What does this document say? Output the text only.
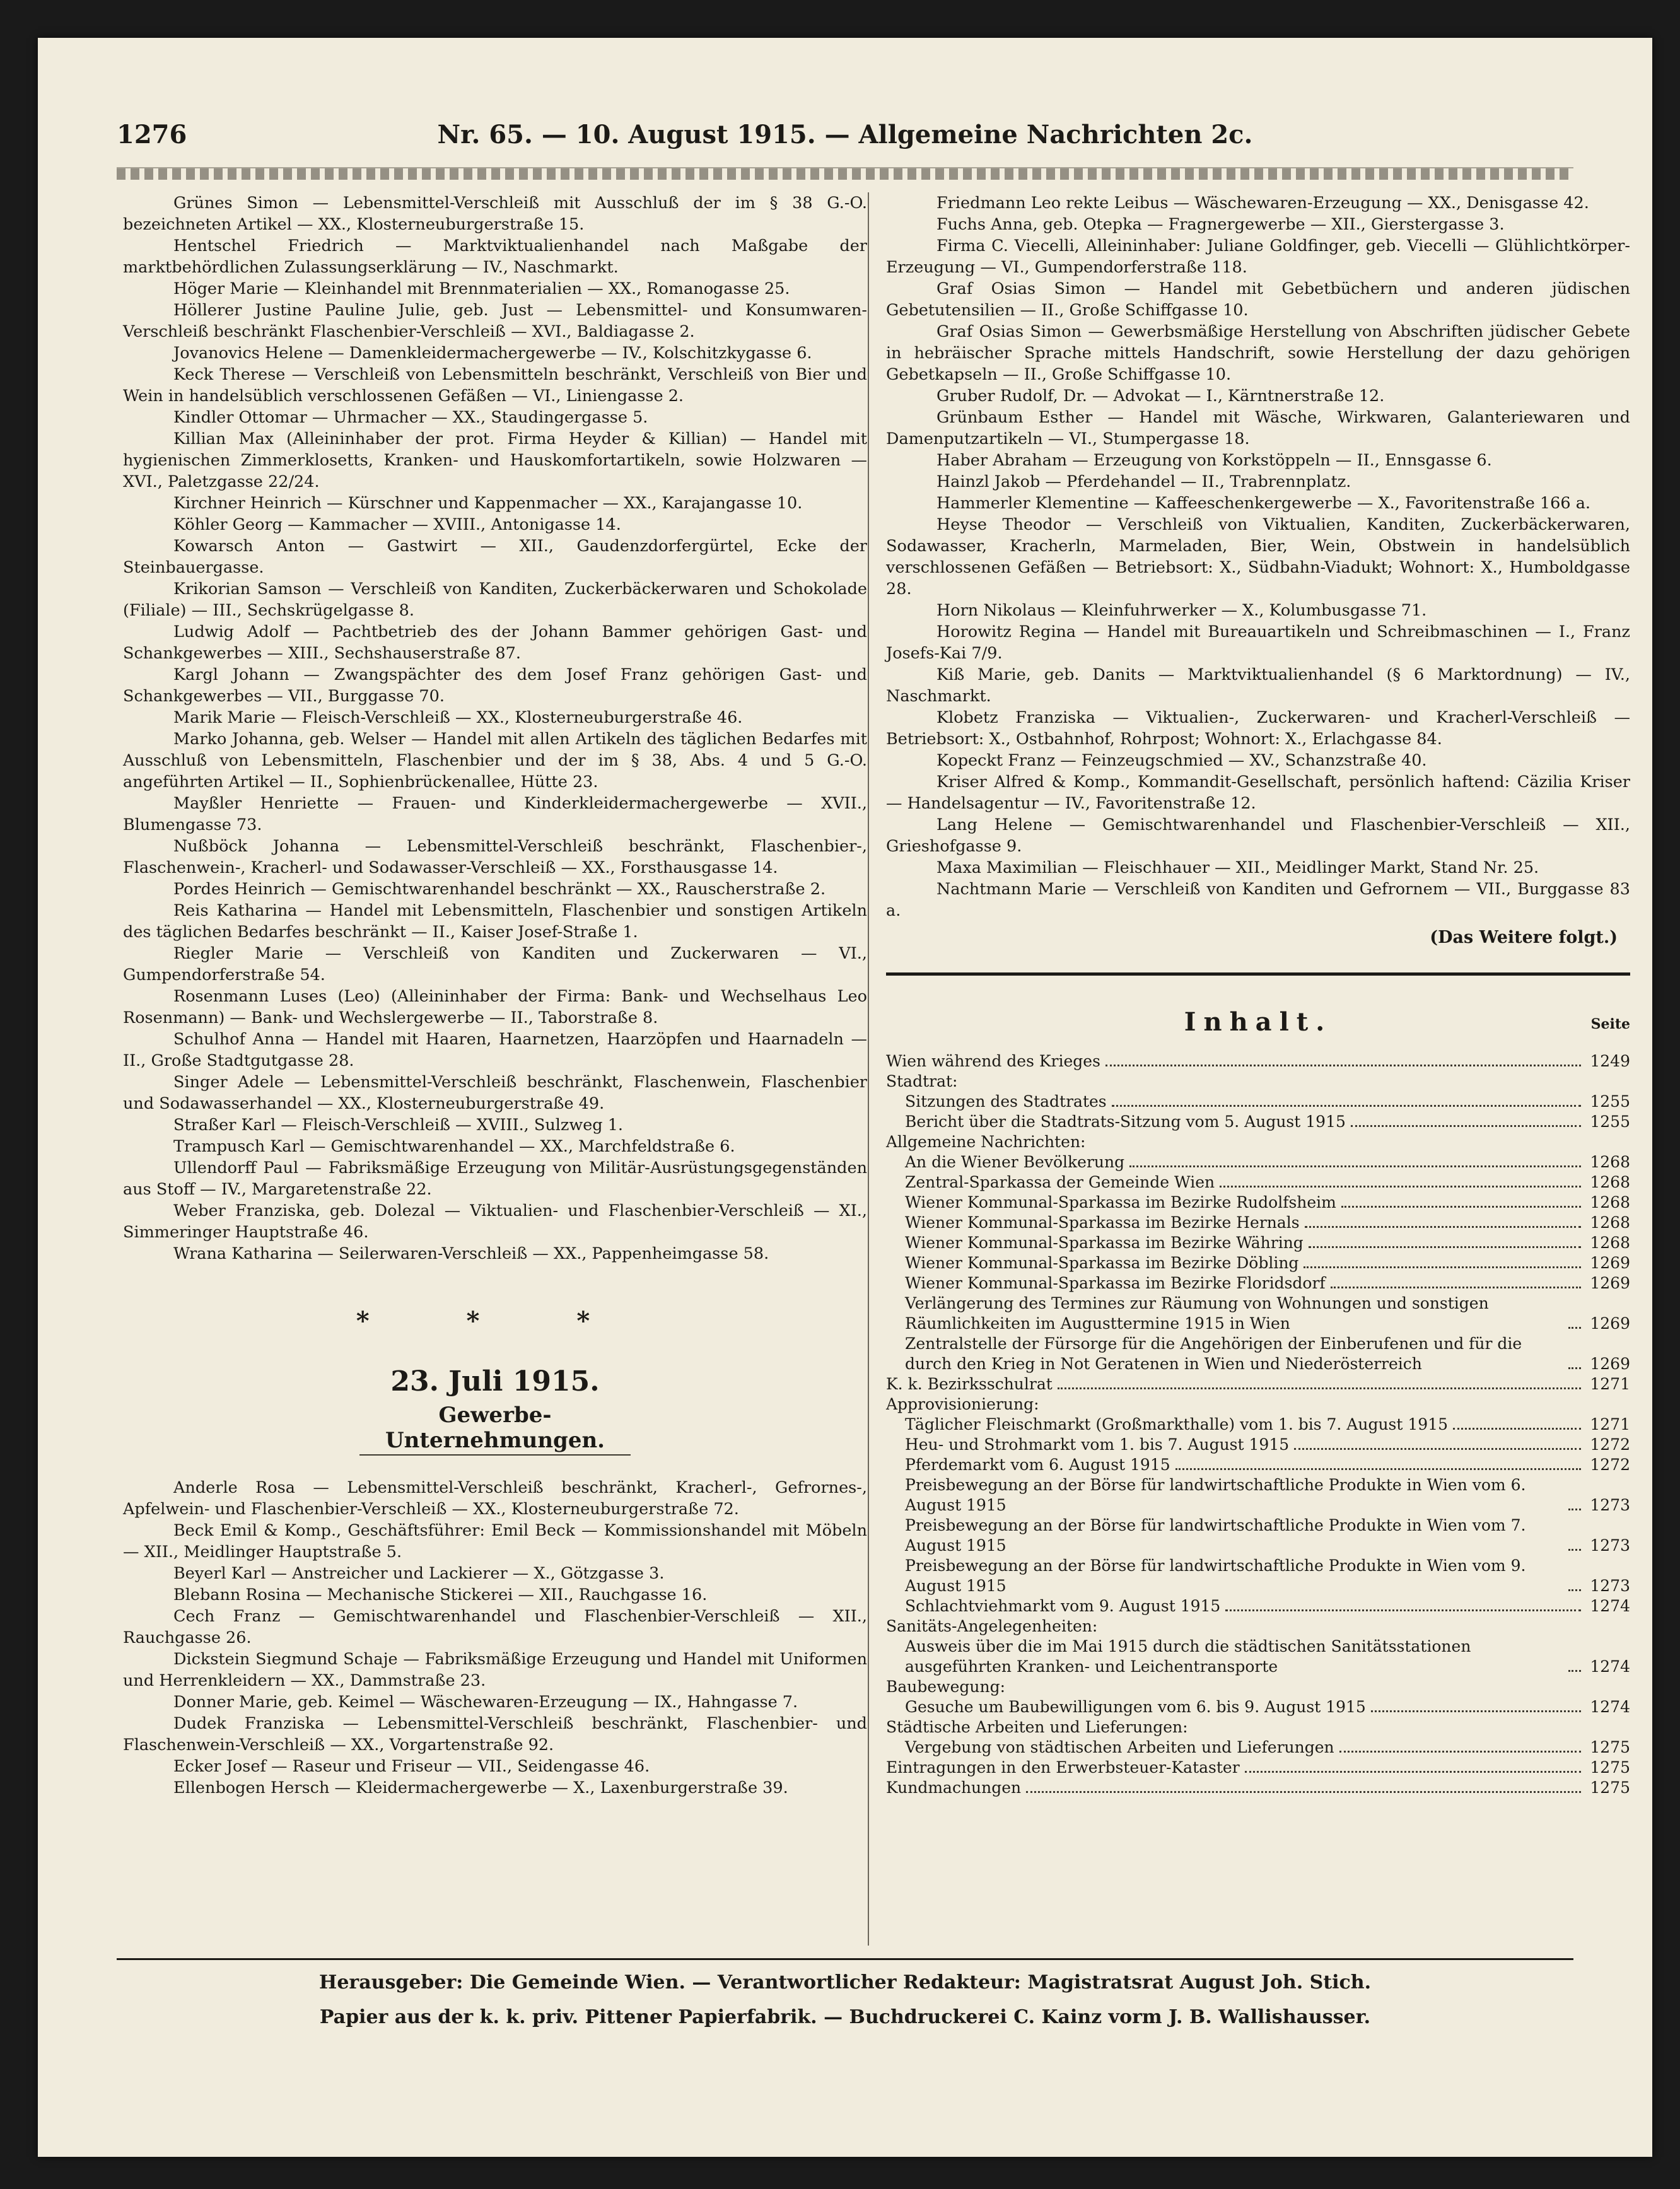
1276	Nr. 65. — 10. August 1915. — Allgemeine Nachrichten 2c.

Grünes Simon — Lebensmittel-Verschleiß mit Ausschluß der im § 38 G.-O. bezeichneten Artikel — XX., Klosterneuburgerstraße 15.

Hentschel Friedrich — Marktviktualienhandel nach Maßgabe der marktbehördlichen Zulassungserklärung — IV., Naschmarkt.

Höger Marie — Kleinhandel mit Brennmaterialien — XX., Romanogasse 25.

Höllerer Justine Pauline Julie, geb. Just — Lebensmittel- und Konsumwaren-Verschleiß beschränkt Flaschenbier-Verschleiß — XVI., Baldiagasse 2.

Jovanovics Helene — Damenkleidermachergewerbe — IV., Kolschitzkygasse 6.

Keck Therese — Verschleiß von Lebensmitteln beschränkt, Verschleiß von Bier und Wein in handelsüblich verschlossenen Gefäßen — VI., Liniengasse 2.

Kindler Ottomar — Uhrmacher — XX., Staudingergasse 5.

Killian Max (Alleininhaber der prot. Firma Heyder & Killian) — Handel mit hygienischen Zimmerklosetts, Kranken- und Hauskomfortartikeln, sowie Holzwaren — XVI., Paletzgasse 22/24.

Kirchner Heinrich — Kürschner und Kappenmacher — XX., Karajangasse 10.

Köhler Georg — Kammacher — XVIII., Antonigasse 14.

Kowarsch Anton — Gastwirt — XII., Gaudenzdorfergürtel, Ecke der Steinbauergasse.

Krikorian Samson — Verschleiß von Kanditen, Zuckerbäckerwaren und Schokolade (Filiale) — III., Sechskrügelgasse 8.

Ludwig Adolf — Pachtbetrieb des der Johann Bammer gehörigen Gast- und Schankgewerbes — XIII., Sechshauserstraße 87.

Kargl Johann — Zwangspächter des dem Josef Franz gehörigen Gast- und Schankgewerbes — VII., Burggasse 70.

Marik Marie — Fleisch-Verschleiß — XX., Klosterneuburgerstraße 46.

Marko Johanna, geb. Welser — Handel mit allen Artikeln des täglichen Bedarfes mit Ausschluß von Lebensmitteln, Flaschenbier und der im § 38, Abs. 4 und 5 G.-O. angeführten Artikel — II., Sophienbrückenallee, Hütte 23.

Mayßler Henriette — Frauen- und Kinderkleidermachergewerbe — XVII., Blumengasse 73.

Nußböck Johanna — Lebensmittel-Verschleiß beschränkt, Flaschenbier-, Flaschenwein-, Kracherl- und Sodawasser-Verschleiß — XX., Forsthausgasse 14.

Pordes Heinrich — Gemischtwarenhandel beschränkt — XX., Rauscherstraße 2.

Reis Katharina — Handel mit Lebensmitteln, Flaschenbier und sonstigen Artikeln des täglichen Bedarfes beschränkt — II., Kaiser Josef-Straße 1.

Riegler Marie — Verschleiß von Kanditen und Zuckerwaren — VI., Gumpendorferstraße 54.

Rosenmann Luses (Leo) (Alleininhaber der Firma: Bank- und Wechselhaus Leo Rosenmann) — Bank- und Wechslergewerbe — II., Taborstraße 8.

Schulhof Anna — Handel mit Haaren, Haarnetzen, Haarzöpfen und Haarnadeln — II., Große Stadtgutgasse 28.

Singer Adele — Lebensmittel-Verschleiß beschränkt, Flaschenwein, Flaschenbier und Sodawasserhandel — XX., Klosterneuburgerstraße 49.

Straßer Karl — Fleisch-Verschleiß — XVIII., Sulzweg 1.

Trampusch Karl — Gemischtwarenhandel — XX., Marchfeldstraße 6.

Ullendorff Paul — Fabriksmäßige Erzeugung von Militär-Ausrüstungsgegenständen aus Stoff — IV., Margaretenstraße 22.

Weber Franziska, geb. Dolezal — Viktualien- und Flaschenbier-Verschleiß — XI., Simmeringer Hauptstraße 46.

Wrana Katharina — Seilerwaren-Verschleiß — XX., Pappenheimgasse 58.

* * *
23. Juli 1915.
Gewerbe-Unternehmungen.

Anderle Rosa — Lebensmittel-Verschleiß beschränkt, Kracherl-, Gefrornes-, Apfelwein- und Flaschenbier-Verschleiß — XX., Klosterneuburgerstraße 72.

Beck Emil & Komp., Geschäftsführer: Emil Beck — Kommissionshandel mit Möbeln — XII., Meidlinger Hauptstraße 5.

Beyerl Karl — Anstreicher und Lackierer — X., Götzgasse 3.

Blebann Rosina — Mechanische Stickerei — XII., Rauchgasse 16.

Cech Franz — Gemischtwarenhandel und Flaschenbier-Verschleiß — XII., Rauchgasse 26.

Dickstein Siegmund Schaje — Fabriksmäßige Erzeugung und Handel mit Uniformen und Herrenkleidern — XX., Dammstraße 23.

Donner Marie, geb. Keimel — Wäschewaren-Erzeugung — IX., Hahngasse 7.

Dudek Franziska — Lebensmittel-Verschleiß beschränkt, Flaschenbier- und Flaschenwein-Verschleiß — XX., Vorgartenstraße 92.

Ecker Josef — Raseur und Friseur — VII., Seidengasse 46.

Ellenbogen Hersch — Kleidermachergewerbe — X., Laxenburgerstraße 39.

Friedmann Leo rekte Leibus — Wäschewaren-Erzeugung — XX., Denisgasse 42.

Fuchs Anna, geb. Otepka — Fragnergewerbe — XII., Gierstergasse 3.

Firma C. Viecelli, Alleininhaber: Juliane Goldfinger, geb. Viecelli — Glühlichtkörper-Erzeugung — VI., Gumpendorferstraße 118.

Graf Osias Simon — Handel mit Gebetbüchern und anderen jüdischen Gebetutensilien — II., Große Schiffgasse 10.

Graf Osias Simon — Gewerbsmäßige Herstellung von Abschriften jüdischer Gebete in hebräischer Sprache mittels Handschrift, sowie Herstellung der dazu gehörigen Gebetkapseln — II., Große Schiffgasse 10.

Gruber Rudolf, Dr. — Advokat — I., Kärntnerstraße 12.

Grünbaum Esther — Handel mit Wäsche, Wirkwaren, Galanteriewaren und Damenputzartikeln — VI., Stumpergasse 18.

Haber Abraham — Erzeugung von Korkstöppeln — II., Ennsgasse 6.

Hainzl Jakob — Pferdehandel — II., Trabrennplatz.

Hammerler Klementine — Kaffeeschenkergewerbe — X., Favoritenstraße 166 a.

Heyse Theodor — Verschleiß von Viktualien, Kanditen, Zuckerbäckerwaren, Sodawasser, Kracherln, Marmeladen, Bier, Wein, Obstwein in handelsüblich verschlossenen Gefäßen — Betriebsort: X., Südbahn-Viadukt; Wohnort: X., Humboldgasse 28.

Horn Nikolaus — Kleinfuhrwerker — X., Kolumbusgasse 71.

Horowitz Regina — Handel mit Bureauartikeln und Schreibmaschinen — I., Franz Josefs-Kai 7/9.

Kiß Marie, geb. Danits — Marktviktualienhandel (§ 6 Marktordnung) — IV., Naschmarkt.

Klobetz Franziska — Viktualien-, Zuckerwaren- und Kracherl-Verschleiß — Betriebsort: X., Ostbahnhof, Rohrpost; Wohnort: X., Erlachgasse 84.

Kopeckt Franz — Feinzeugschmied — XV., Schanzstraße 40.

Kriser Alfred & Komp., Kommandit-Gesellschaft, persönlich haftend: Cäzilia Kriser — Handelsagentur — IV., Favoritenstraße 12.

Lang Helene — Gemischtwarenhandel und Flaschenbier-Verschleiß — XII., Grieshofgasse 9.

Maxa Maximilian — Fleischhauer — XII., Meidlinger Markt, Stand Nr. 25.

Nachtmann Marie — Verschleiß von Kanditen und Gefrornem — VII., Burggasse 83 a.

(Das Weitere folgt.)
Inhalt.	Seite
Wien während des Krieges	1249

Stadtrat:

Sitzungen des Stadtrates	1255
Bericht über die Stadtrats-Sitzung vom 5. August 1915	1255

Allgemeine Nachrichten:

An die Wiener Bevölkerung	1268
Zentral-Sparkassa der Gemeinde Wien	1268
Wiener Kommunal-Sparkassa im Bezirke Rudolfsheim	1268
Wiener Kommunal-Sparkassa im Bezirke Hernals	1268
Wiener Kommunal-Sparkassa im Bezirke Währing	1268
Wiener Kommunal-Sparkassa im Bezirke Döbling	1269
Wiener Kommunal-Sparkassa im Bezirke Floridsdorf	1269
Verlängerung des Termines zur Räumung von Wohnungen und sonstigen Räumlichkeiten im Augusttermine 1915 in Wien	1269
Zentralstelle der Fürsorge für die Angehörigen der Einberufenen und für die durch den Krieg in Not Geratenen in Wien und Niederösterreich	1269
K. k. Bezirksschulrat	1271

Approvisionierung:

Täglicher Fleischmarkt (Großmarkthalle) vom 1. bis 7. August 1915	1271
Heu- und Strohmarkt vom 1. bis 7. August 1915	1272
Pferdemarkt vom 6. August 1915	1272
Preisbewegung an der Börse für landwirtschaftliche Produkte in Wien vom 6. August 1915	1273
Preisbewegung an der Börse für landwirtschaftliche Produkte in Wien vom 7. August 1915	1273
Preisbewegung an der Börse für landwirtschaftliche Produkte in Wien vom 9. August 1915	1273
Schlachtviehmarkt vom 9. August 1915	1274

Sanitäts-Angelegenheiten:

Ausweis über die im Mai 1915 durch die städtischen Sanitätsstationen ausgeführten Kranken- und Leichentransporte	1274

Baubewegung:

Gesuche um Baubewilligungen vom 6. bis 9. August 1915	1274

Städtische Arbeiten und Lieferungen:

Vergebung von städtischen Arbeiten und Lieferungen	1275
Eintragungen in den Erwerbsteuer-Kataster	1275
Kundmachungen	1275

Herausgeber: Die Gemeinde Wien. — Verantwortlicher Redakteur: Magistratsrat August Joh. Stich.

Papier aus der k. k. priv. Pittener Papierfabrik. — Buchdruckerei C. Kainz vorm J. B. Wallishausser.
